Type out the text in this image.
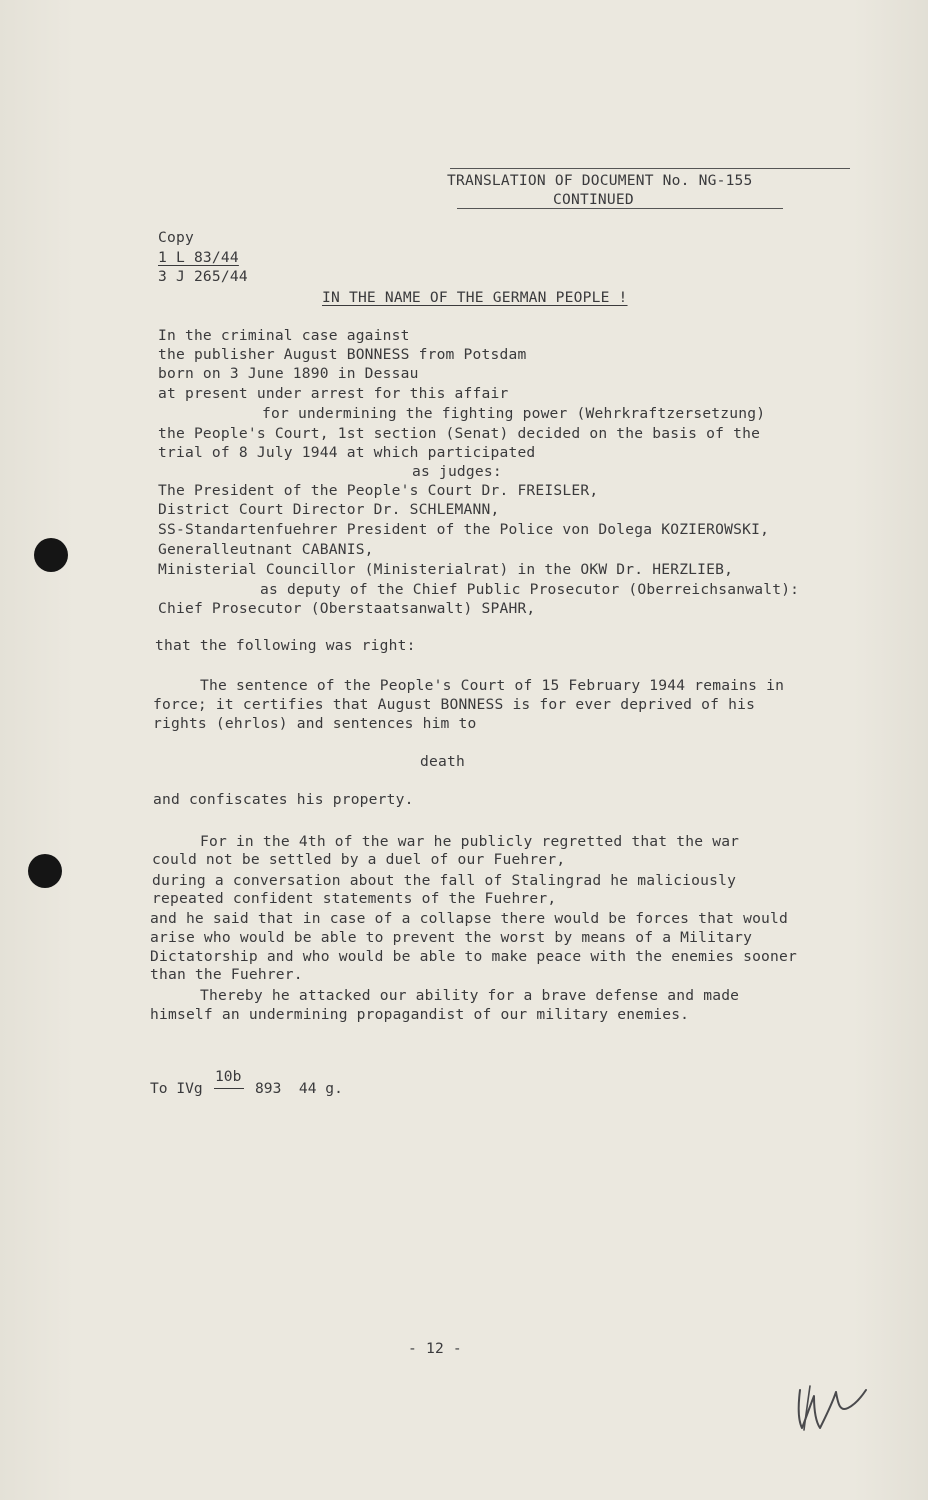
TRANSLATION OF DOCUMENT No. NG-155
CONTINUED
Copy
1 L 83/44
3 J 265/44
IN THE NAME OF THE GERMAN PEOPLE !
In the criminal case against
the publisher August BONNESS from Potsdam
born on 3 June 1890 in Dessau
at present under arrest for this affair
for undermining the fighting power (Wehrkraftzersetzung)
the People's Court, 1st section (Senat) decided on the basis of the
trial of 8 July 1944 at which participated
as judges:
The President of the People's Court Dr. FREISLER,
District Court Director Dr. SCHLEMANN,
SS-Standartenfuehrer President of the Police von Dolega KOZIEROWSKI,
Generalleutnant CABANIS,
Ministerial Councillor (Ministerialrat) in the OKW Dr. HERZLIEB,
as deputy of the Chief Public Prosecutor (Oberreichsanwalt):
Chief Prosecutor (Oberstaatsanwalt) SPAHR,
that the following was right:
The sentence of the People's Court of 15 February 1944 remains in
force; it certifies that August BONNESS is for ever deprived of his
rights (ehrlos) and sentences him to
death
and confiscates his property.
For in the 4th of the war he publicly regretted that the war
could not be settled by a duel of our Fuehrer,
during a conversation about the fall of Stalingrad he maliciously
repeated confident statements of the Fuehrer,
and he said that in case of a collapse there would be forces that would
arise who would be able to prevent the worst by means of a Military
Dictatorship and who would be able to make peace with the enemies sooner
than the Fuehrer.
Thereby he attacked our ability for a brave defense and made
himself an undermining propagandist of our military enemies.

To IVg

10b

893  44 g.

- 12 -
